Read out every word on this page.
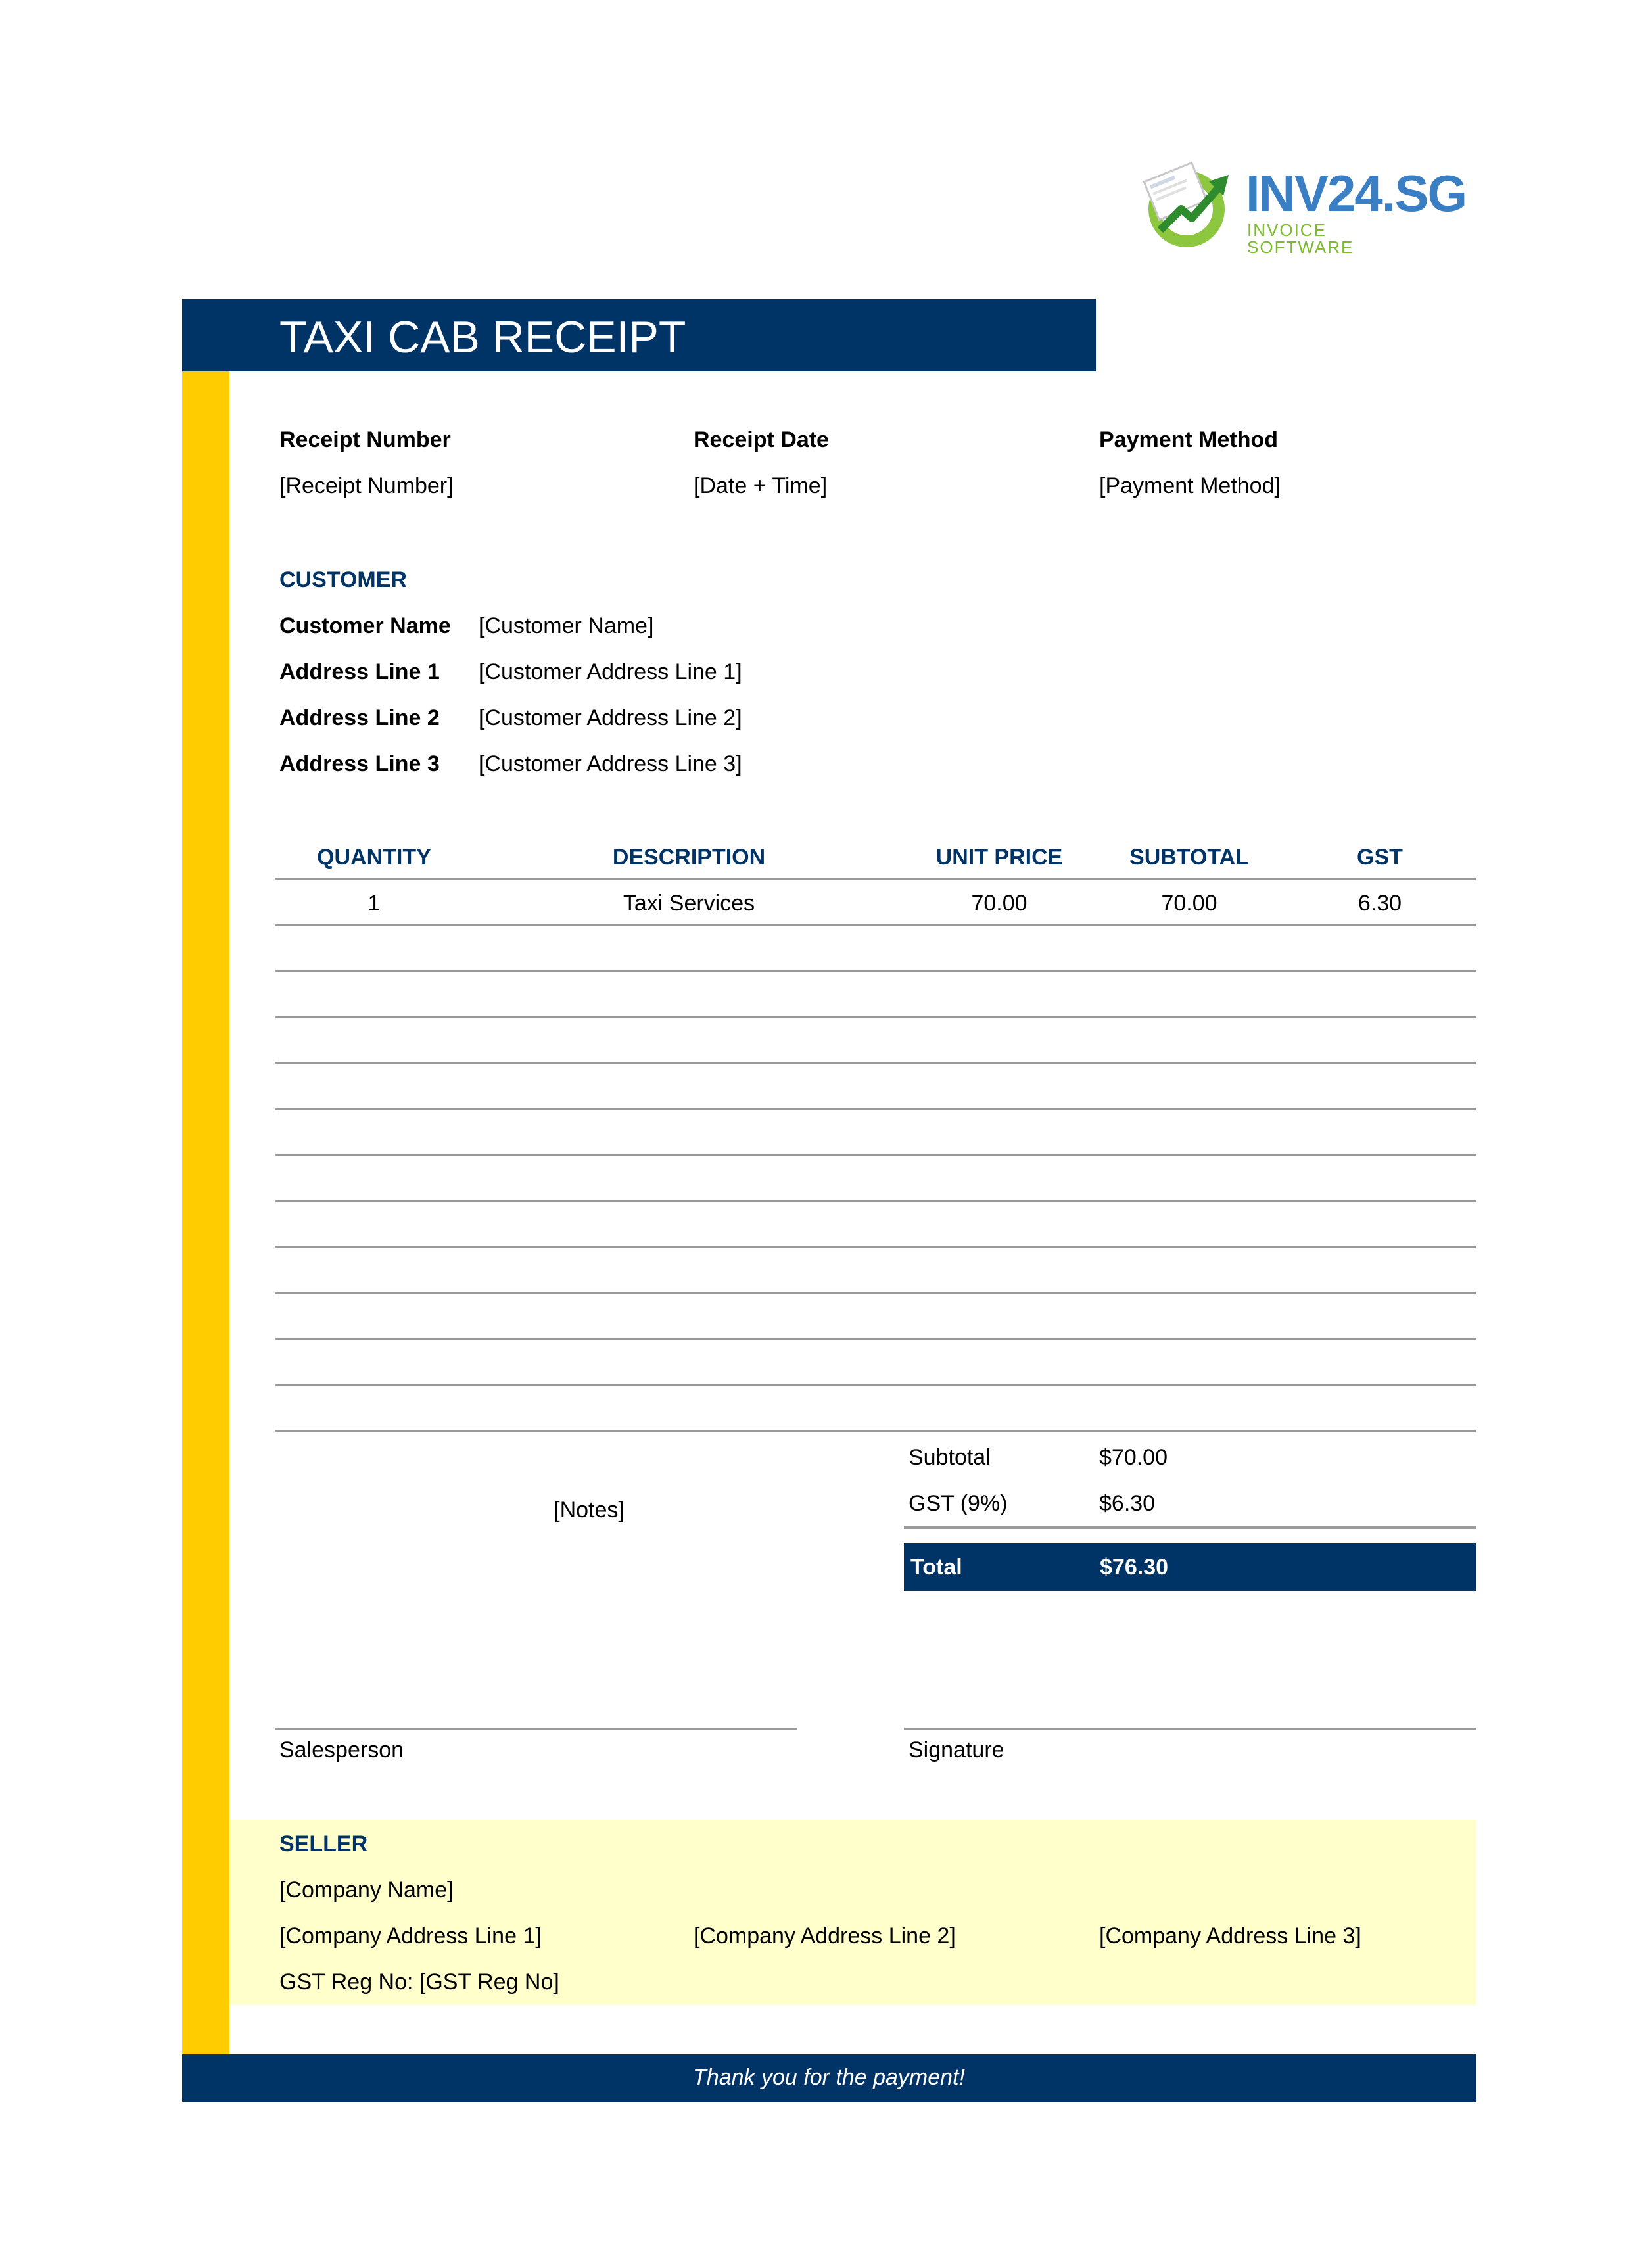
INV24.SG
INVOICE SOFTWARE
TAXI CAB RECEIPT
Receipt Number
[Receipt Number]
Receipt Date
[Date + Time]
Payment Method
[Payment Method]
CUSTOMER
Customer Name [Customer Name]
Address Line 1 [Customer Address Line 1]
Address Line 2 [Customer Address Line 2]
Address Line 3 [Customer Address Line 3]
QUANTITY	DESCRIPTION	UNIT PRICE	SUBTOTAL	GST
1	Taxi Services	70.00	70.00	6.30
[Notes]
Subtotal	$70.00
GST (9%)	$6.30
Total	$76.30
Salesperson	Signature
SELLER
[Company Name]
[Company Address Line 1]	[Company Address Line 2]	[Company Address Line 3]
GST Reg No: [GST Reg No]
Thank you for the payment!
